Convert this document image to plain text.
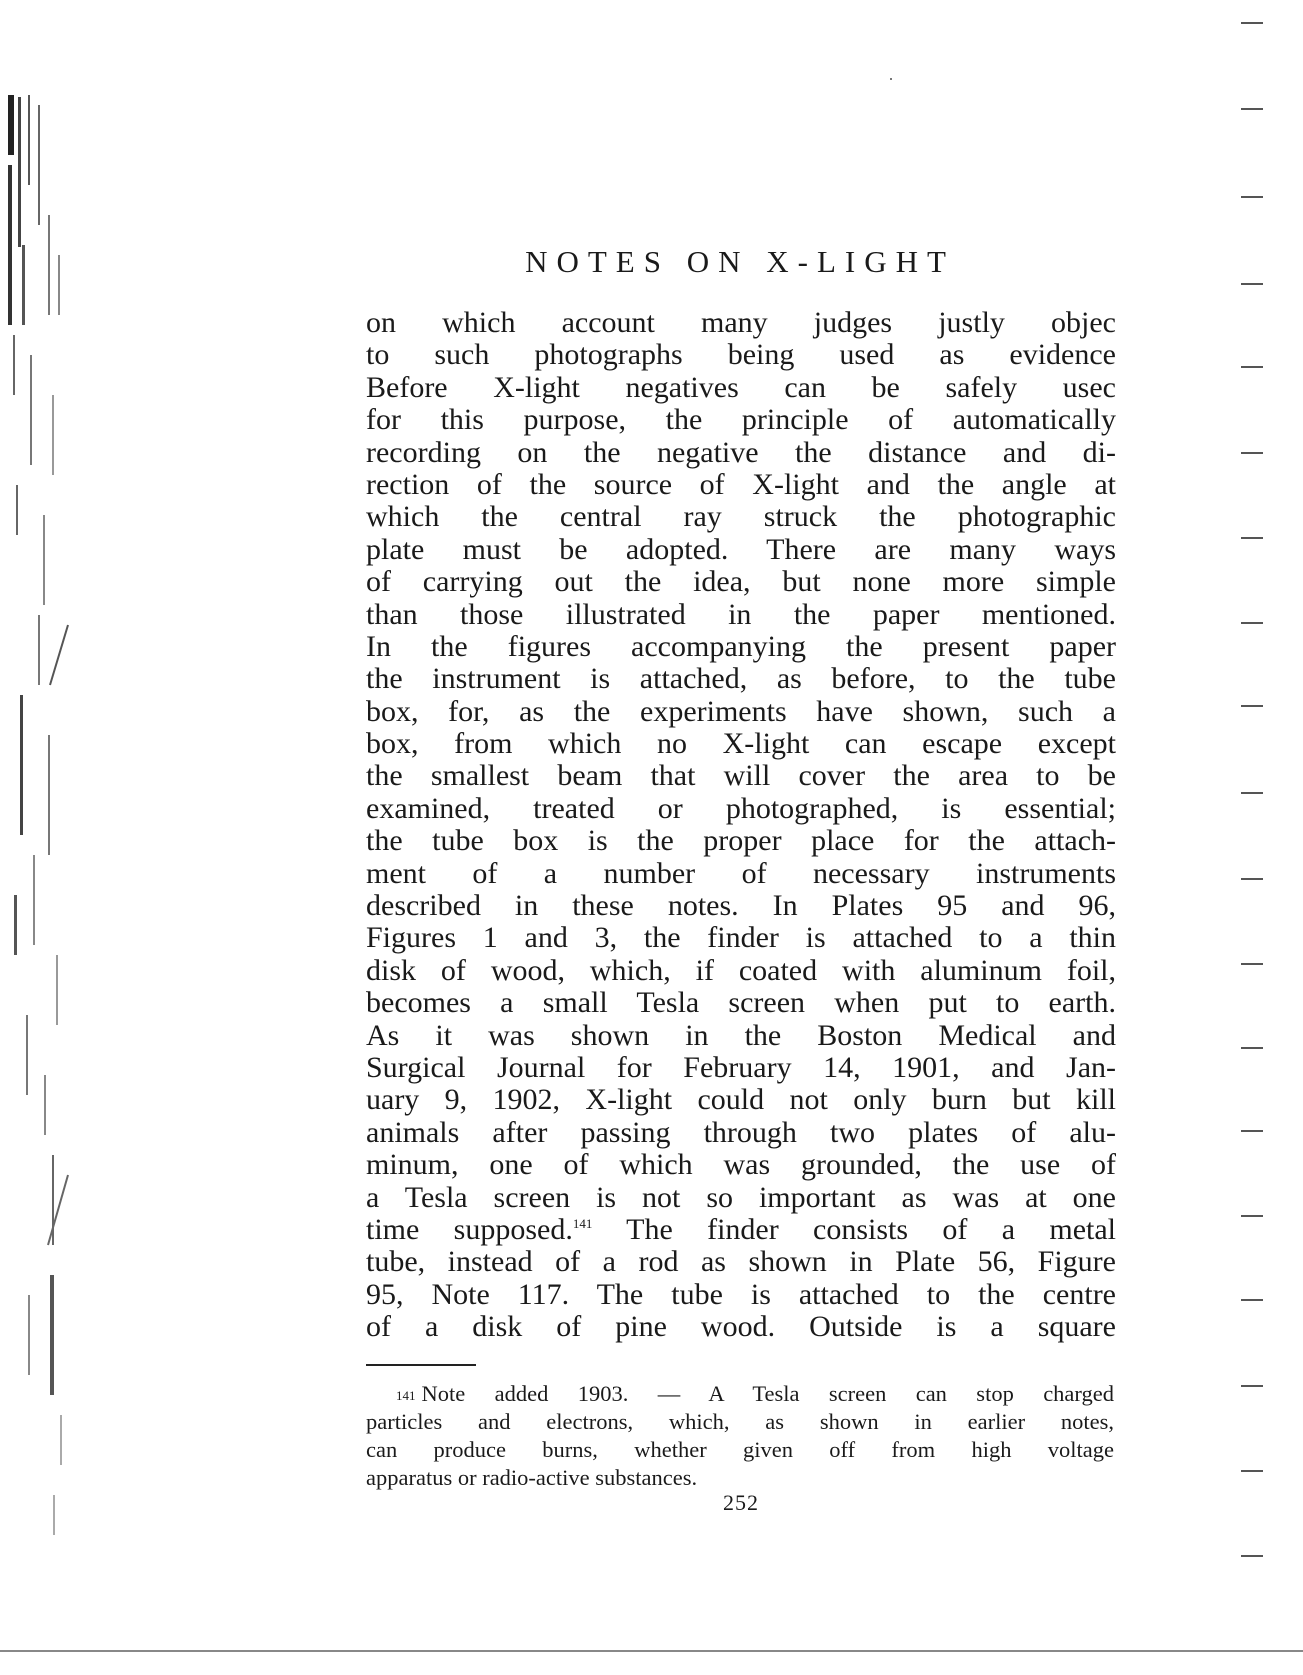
NOTES ON X-LIGHT
on which account many judges justly objec
to such photographs being used as evidence
Before X-light negatives can be safely usec
for this purpose, the principle of automatically
recording on the negative the distance and di-
rection of the source of X-light and the angle at
which the central ray struck the photographic
plate must be adopted. There are many ways
of carrying out the idea, but none more simple
than those illustrated in the paper mentioned.
In the figures accompanying the present paper
the instrument is attached, as before, to the tube
box, for, as the experiments have shown, such a
box, from which no X-light can escape except
the smallest beam that will cover the area to be
examined, treated or photographed, is essential;
the tube box is the proper place for the attach-
ment of a number of necessary instruments
described in these notes. In Plates 95 and 96,
Figures 1 and 3, the finder is attached to a thin
disk of wood, which, if coated with aluminum foil,
becomes a small Tesla screen when put to earth.
As it was shown in the Boston Medical and
Surgical Journal for February 14, 1901, and Jan-
uary 9, 1902, X-light could not only burn but kill
animals after passing through two plates of alu-
minum, one of which was grounded, the use of
a Tesla screen is not so important as was at one
time supposed.$^{141}$ The finder consists of a metal
tube, instead of a rod as shown in Plate 56, Figure
95, Note 117. The tube is attached to the centre
of a disk of pine wood. Outside is a square
$^{141}$ Note added 1903. — A Tesla screen can stop charged
particles and electrons, which, as shown in earlier notes,
can produce burns, whether given off from high voltage
apparatus or radio-active substances.
252
